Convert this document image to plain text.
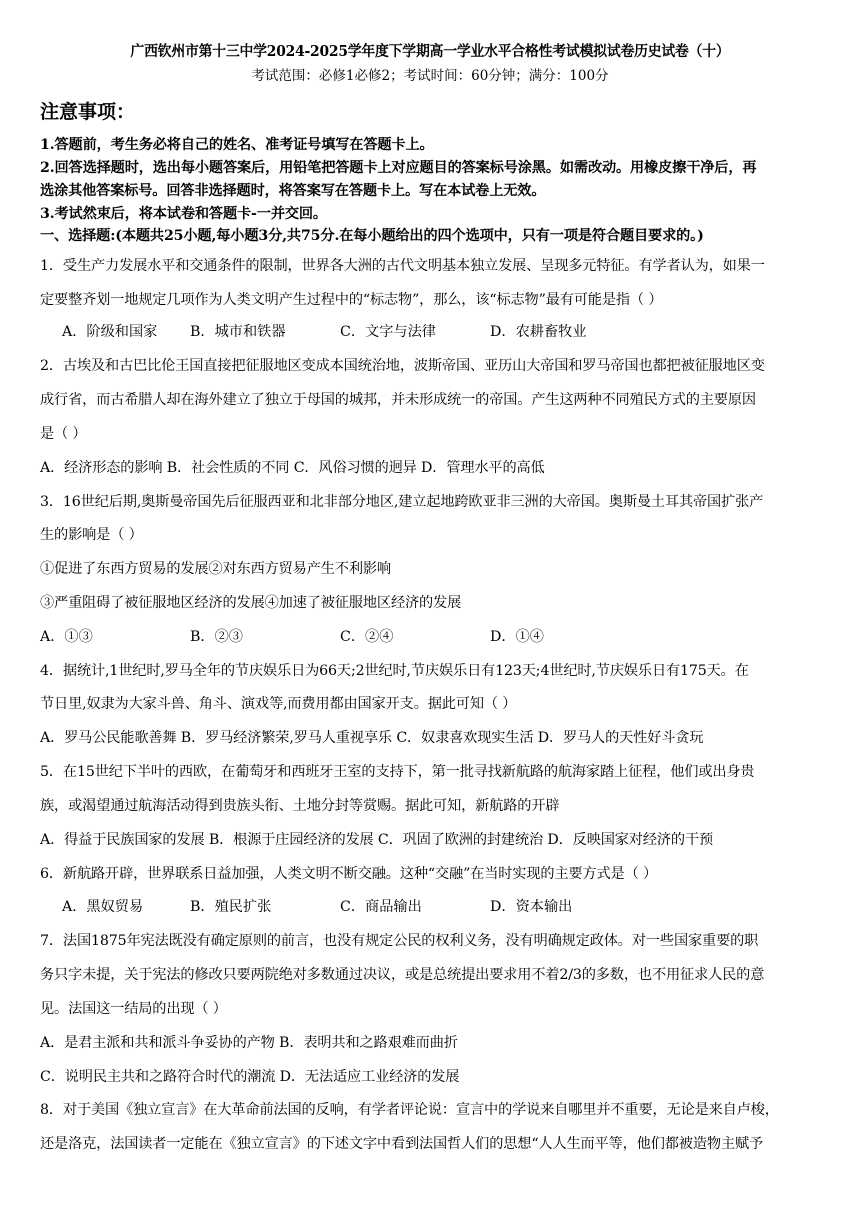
广西钦州市第十三中学2024-2025学年度下学期高一学业水平合格性考试模拟试卷历史试卷（十）
考试范围：必修1必修2；考试时间：60分钟；满分：100分
注意事项：
1.答题前，考生务必将自己的姓名、准考证号填写在答题卡上。
2.回答选择题时，选出每小题答案后，用铅笔把答题卡上对应题目的答案标号涂黑。如需改动。用橡皮擦干净后，再
选涂其他答案标号。回答非选择题时，将答案写在答题卡上。写在本试卷上无效。
3.考试然束后，将本试卷和答题卡-一并交回。
一、选择题:(本题共25小题,每小题3分,共75分.在每小题给出的四个选项中，只有一项是符合题目要求的。)
1．受生产力发展水平和交通条件的限制，世界各大洲的古代文明基本独立发展、呈现多元特征。有学者认为，如果一
定要整齐划一地规定几项作为人类文明产生过程中的“标志物”，那么，该“标志物”最有可能是指（ ）
A．阶级和国家 B．城市和铁器	C．文字与法律	D．农耕畜牧业
2．古埃及和古巴比伦王国直接把征服地区变成本国统治地，波斯帝国、亚历山大帝国和罗马帝国也都把被征服地区变
成行省，而古希腊人却在海外建立了独立于母国的城邦，并未形成统一的帝国。产生这两种不同殖民方式的主要原因
是（ ）
A．经济形态的影响 B．社会性质的不同 C．风俗习惯的迥异 D．管理水平的高低
3．16世纪后期,奥斯曼帝国先后征服西亚和北非部分地区,建立起地跨欧亚非三洲的大帝国。奥斯曼土耳其帝国扩张产
生的影响是（ ）
①促进了东西方贸易的发展②对东西方贸易产生不利影响
③严重阻碍了被征服地区经济的发展④加速了被征服地区经济的发展
A．①③	B．②③	C．②④	D．①④
4．据统计,1世纪时,罗马全年的节庆娱乐日为66天;2世纪时,节庆娱乐日有123天;4世纪时,节庆娱乐日有175天。在
节日里,奴隶为大家斗兽、角斗、演戏等,而费用都由国家开支。据此可知（ ）
A．罗马公民能歌善舞 B．罗马经济繁荣,罗马人重视享乐 C．奴隶喜欢现实生活 D．罗马人的天性好斗贪玩
5．在15世纪下半叶的西欧，在葡萄牙和西班牙王室的支持下，第一批寻找新航路的航海家踏上征程，他们或出身贵
族，或渴望通过航海活动得到贵族头衔、土地分封等赏赐。据此可知，新航路的开辟
A．得益于民族国家的发展 B．根源于庄园经济的发展 C．巩固了欧洲的封建统治 D．反映国家对经济的干预
6．新航路开辟，世界联系日益加强，人类文明不断交融。这种“交融”在当时实现的主要方式是（ ）
A．黑奴贸易	B．殖民扩张	C．商品输出	D．资本输出
7．法国1875年宪法既没有确定原则的前言，也没有规定公民的权利义务，没有明确规定政体。对一些国家重要的职
务只字未提，关于宪法的修改只要两院绝对多数通过决议，或是总统提出要求用不着2/3的多数，也不用征求人民的意
见。法国这一结局的出现（ ）
A．是君主派和共和派斗争妥协的产物 B．表明共和之路艰难而曲折
C．说明民主共和之路符合时代的潮流 D．无法适应工业经济的发展
8．对于美国《独立宣言》在大革命前法国的反响，有学者评论说：宣言中的学说来自哪里并不重要，无论是来自卢梭，
还是洛克，法国读者一定能在《独立宣言》的下述文字中看到法国哲人们的思想“人人生而平等，他们都被造物主赋予
